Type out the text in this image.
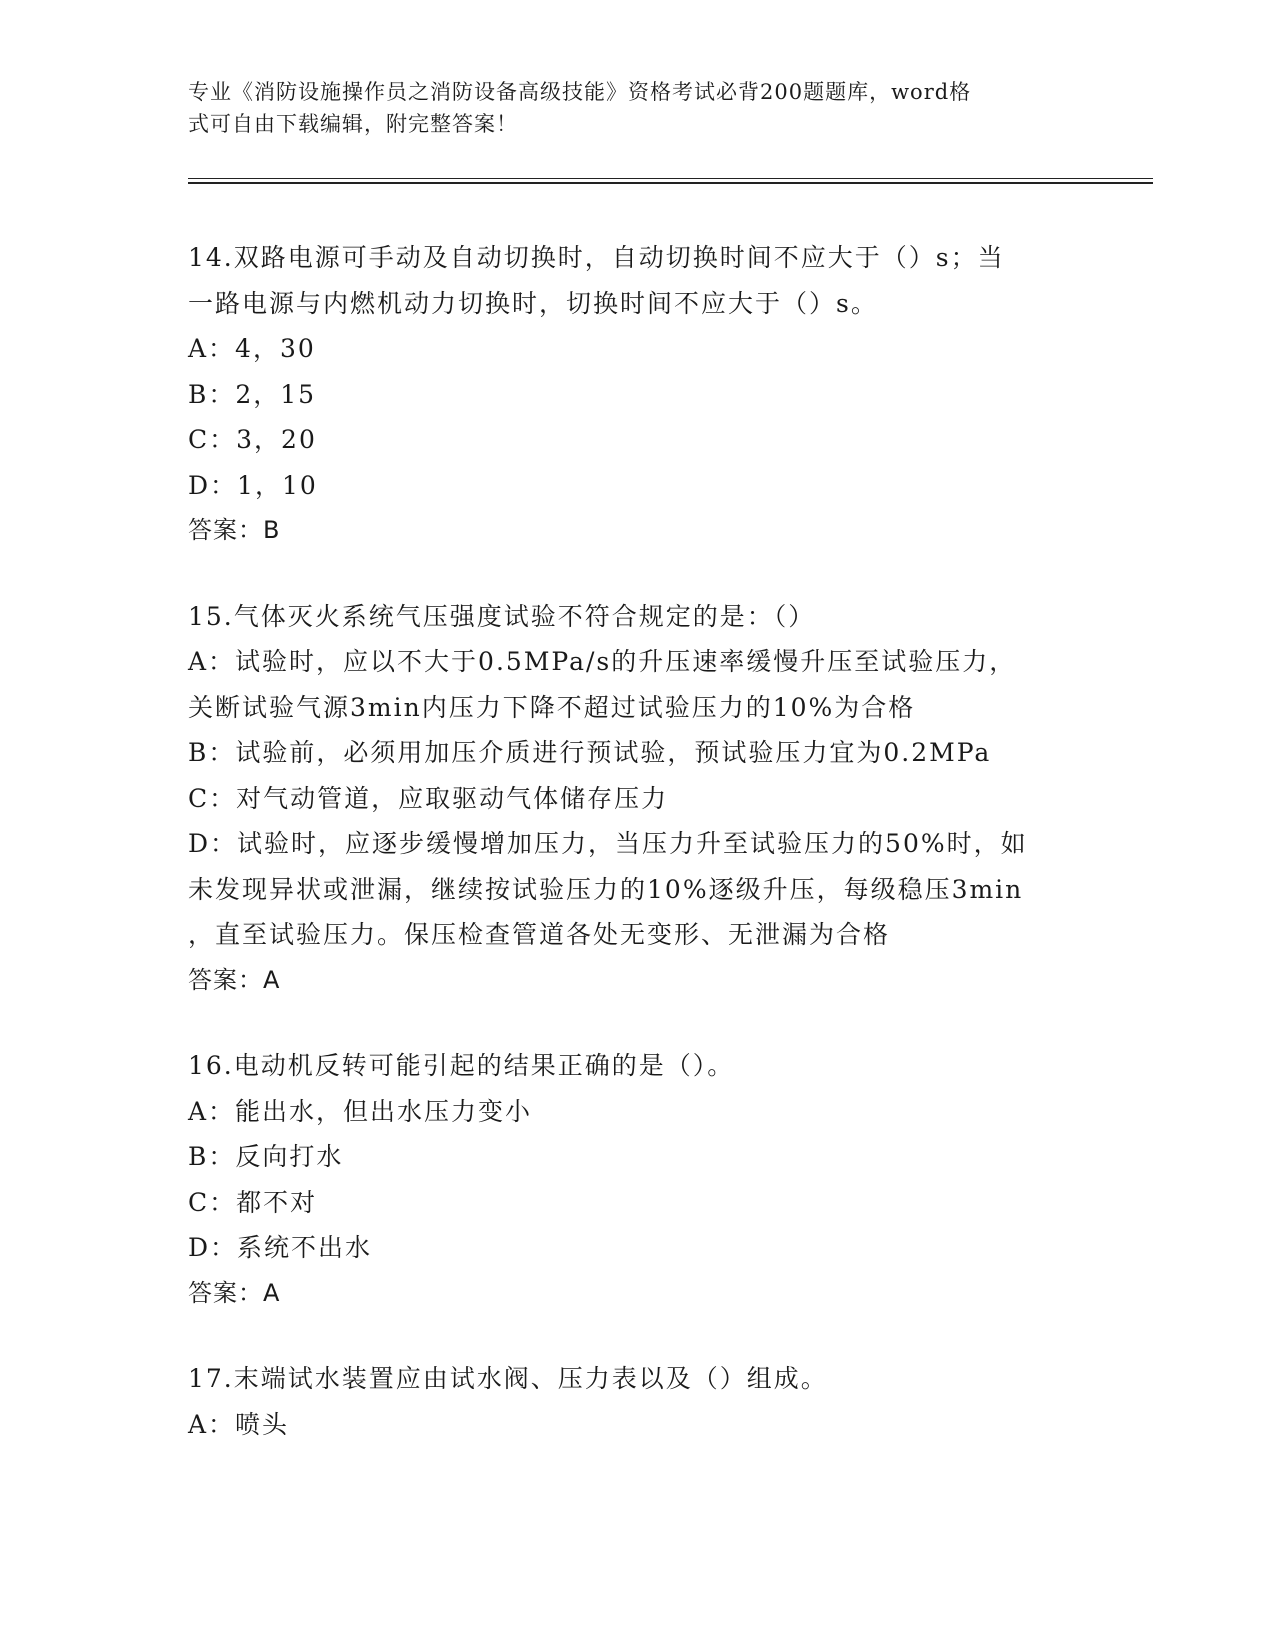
专业《消防设施操作员之消防设备高级技能》资格考试必背200题题库，word格
式可自由下载编辑，附完整答案！
14.双路电源可手动及自动切换时，自动切换时间不应大于（）s；当
一路电源与内燃机动力切换时，切换时间不应大于（）s。
A：4，30
B：2，15
C：3，20
D：1，10
答案：B
15.气体灭火系统气压强度试验不符合规定的是：（）
A：试验时，应以不大于0.5MPa/s的升压速率缓慢升压至试验压力，
关断试验气源3min内压力下降不超过试验压力的10%为合格
B：试验前，必须用加压介质进行预试验，预试验压力宜为0.2MPa
C：对气动管道，应取驱动气体储存压力
D：试验时，应逐步缓慢增加压力，当压力升至试验压力的50%时，如
未发现异状或泄漏，继续按试验压力的10%逐级升压，每级稳压3min
，直至试验压力。保压检查管道各处无变形、无泄漏为合格
答案：A
16.电动机反转可能引起的结果正确的是（）。
A：能出水，但出水压力变小
B：反向打水
C：都不对
D：系统不出水
答案：A
17.末端试水装置应由试水阀、压力表以及（）组成。
A：喷头
